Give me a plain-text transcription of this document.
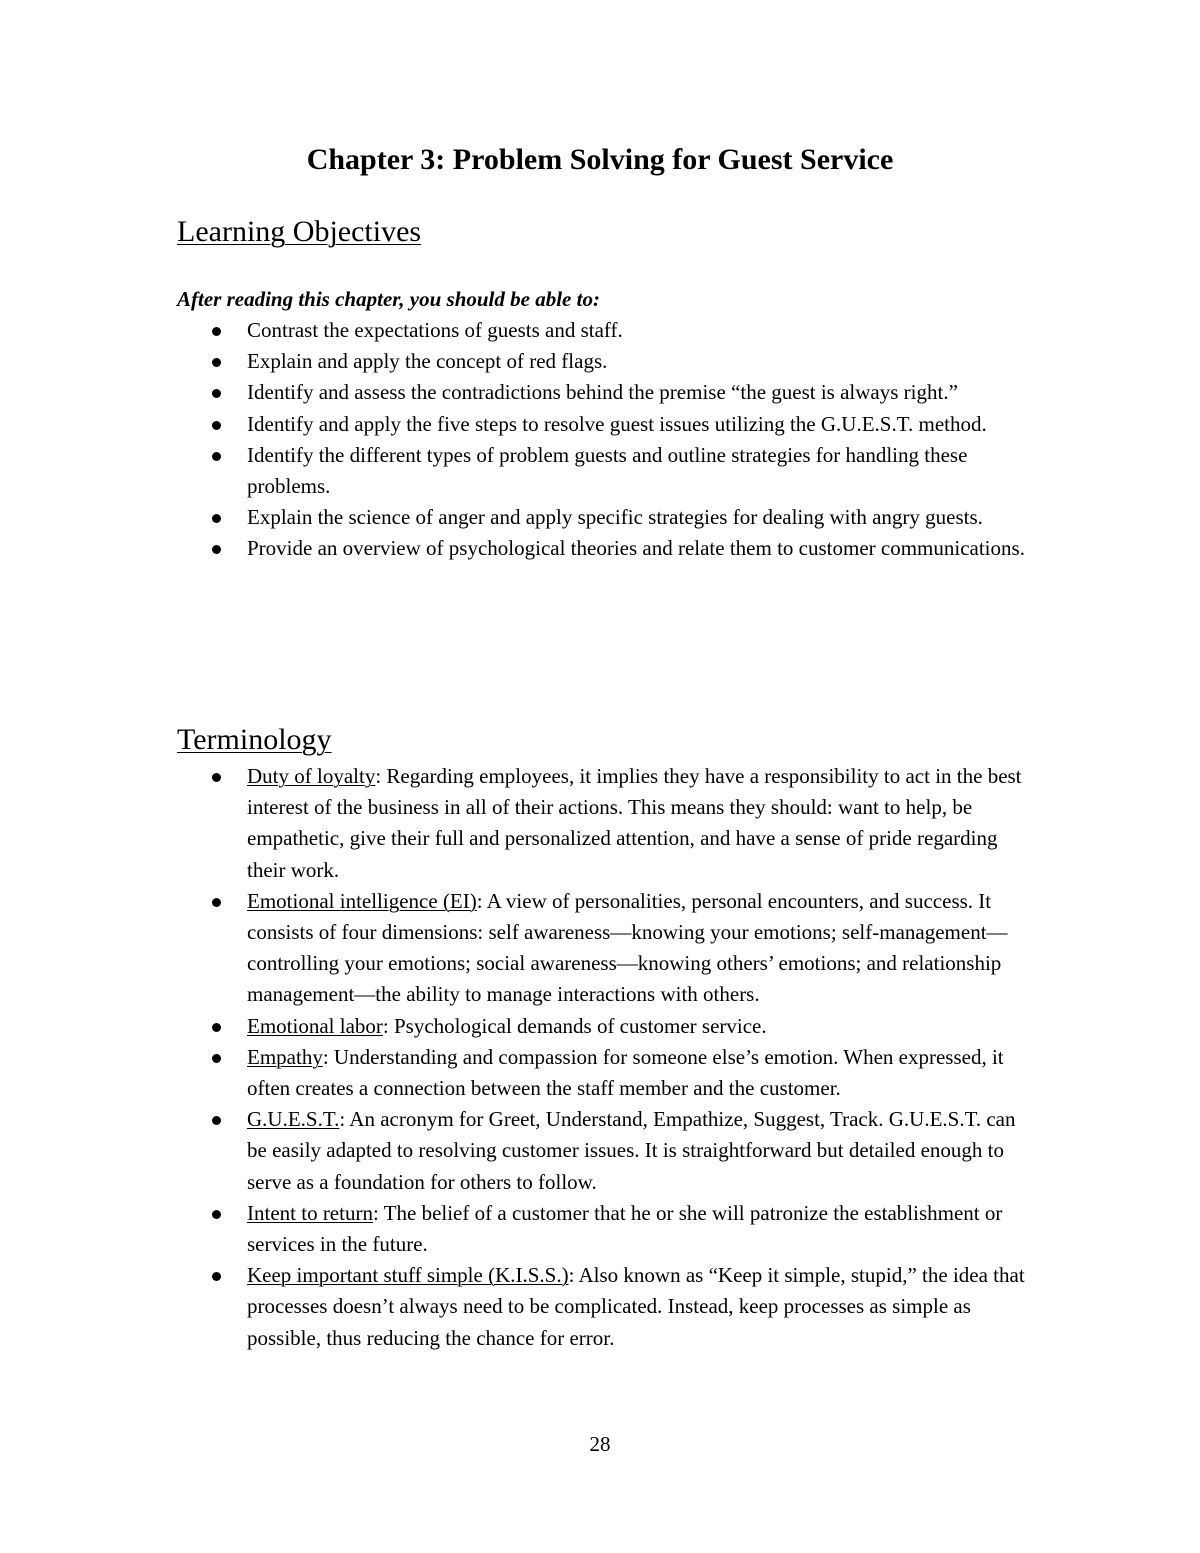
Chapter 3: Problem Solving for Guest Service
Learning Objectives
After reading this chapter, you should be able to:
Contrast the expectations of guests and staff.
Explain and apply the concept of red flags.
Identify and assess the contradictions behind the premise “the guest is always right.”
Identify and apply the five steps to resolve guest issues utilizing the G.U.E.S.T. method.
Identify the different types of problem guests and outline strategies for handling these problems.
Explain the science of anger and apply specific strategies for dealing with angry guests.
Provide an overview of psychological theories and relate them to customer communications.
Terminology
Duty of loyalty: Regarding employees, it implies they have a responsibility to act in the best interest of the business in all of their actions. This means they should: want to help, be empathetic, give their full and personalized attention, and have a sense of pride regarding their work.
Emotional intelligence (EI): A view of personalities, personal encounters, and success. It consists of four dimensions: self awareness—knowing your emotions; self-management—controlling your emotions; social awareness—knowing others’ emotions; and relationship management—the ability to manage interactions with others.
Emotional labor: Psychological demands of customer service.
Empathy: Understanding and compassion for someone else’s emotion. When expressed, it often creates a connection between the staff member and the customer.
G.U.E.S.T.: An acronym for Greet, Understand, Empathize, Suggest, Track. G.U.E.S.T. can be easily adapted to resolving customer issues. It is straightforward but detailed enough to serve as a foundation for others to follow.
Intent to return: The belief of a customer that he or she will patronize the establishment or services in the future.
Keep important stuff simple (K.I.S.S.): Also known as “Keep it simple, stupid,” the idea that processes doesn’t always need to be complicated. Instead, keep processes as simple as possible, thus reducing the chance for error.
28
